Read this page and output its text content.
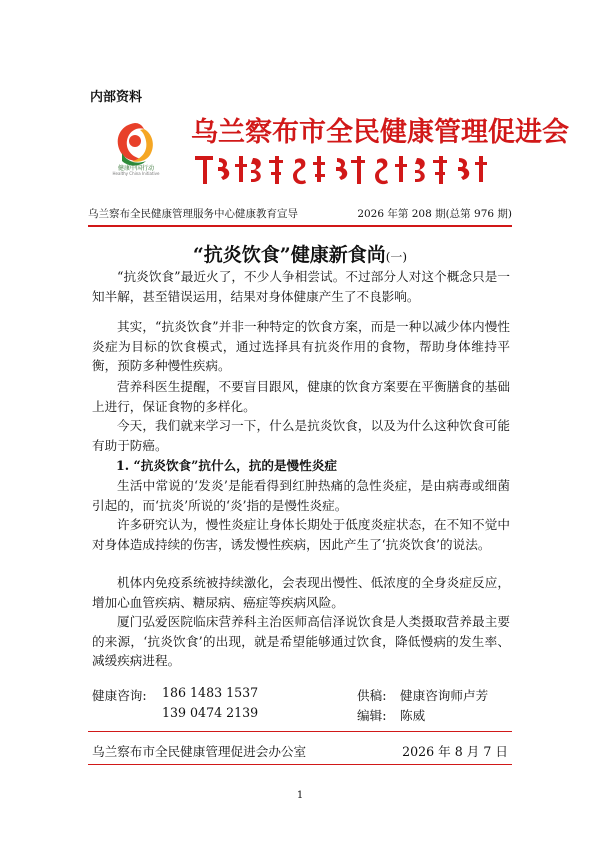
内部资料
健康中国行动
Healthy China Initiative
乌兰察布市全民健康管理促进会
乌兰察布全民健康管理服务中心健康教育宣导	2026 年第 208 期(总第 976 期)
“抗炎饮食”健康新食尚(一)

“抗炎饮食”最近火了，不少人争相尝试。不过部分人对这个概念只是一知半解，甚至错误运用，结果对身体健康产生了不良影响。

其实，“抗炎饮食”并非一种特定的饮食方案，而是一种以减少体内慢性炎症为目标的饮食模式，通过选择具有抗炎作用的食物，帮助身体维持平衡，预防多种慢性疾病。

营养科医生提醒，不要盲目跟风，健康的饮食方案要在平衡膳食的基础上进行，保证食物的多样化。

今天，我们就来学习一下，什么是抗炎饮食，以及为什么这种饮食可能有助于防癌。

1. “抗炎饮食”抗什么，抗的是慢性炎症

生活中常说的‘发炎’是能看得到红肿热痛的急性炎症，是由病毒或细菌引起的，而‘抗炎’所说的‘炎’指的是慢性炎症。

许多研究认为，慢性炎症让身体长期处于低度炎症状态，在不知不觉中对身体造成持续的伤害，诱发慢性疾病，因此产生了‘抗炎饮食’的说法。

机体内免疫系统被持续激化，会表现出慢性、低浓度的全身炎症反应，增加心血管疾病、糖尿病、癌症等疾病风险。

厦门弘爱医院临床营养科主治医师高信泽说饮食是人类摄取营养最主要的来源，‘抗炎饮食’的出现，就是希望能够通过饮食，降低慢病的发生率、减缓疾病进程。

健康咨询: 186 1483 1537
139 0474 2139
供稿: 健康咨询师卢芳
编辑: 陈威
乌兰察布市全民健康管理促进会办公室	2026 年 8 月 7 日
1
